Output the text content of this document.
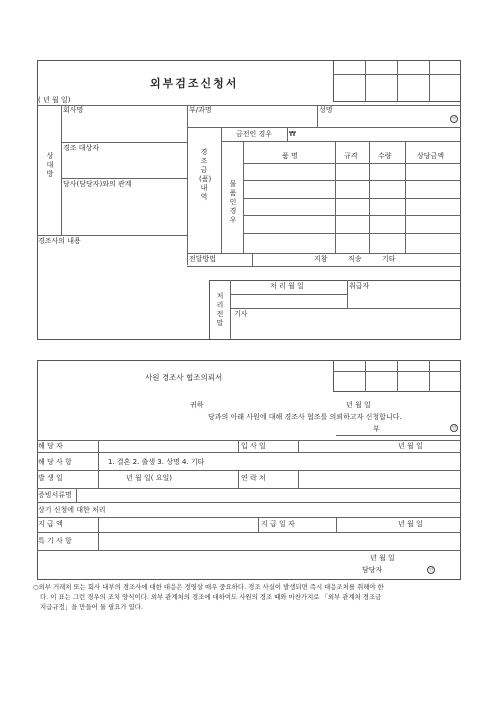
외부검조신청서
( 년 월 일)
회사명	부/과명	성명
인
상대방
경조 대상자
당사(담당자)와의 관계
경조사의 내용
경조금(품)내역
금전인 경우 ₩
물품인경우
품 명	규격	수량	상당금액
전달방법	지참	직송	기타
처리전말
처 리 월 일	취급자
기사
사원 경조사 협조의뢰서
귀하	년 월 일
당과의 아래 사원에 대해 경조사 협조를 의뢰하고자 신청합니다.
부	인
해 당 자	입 사 일	년 월 일
해 당 사 항	1. 결혼 2. 출생 3. 상명 4. 기타
발 생 일	년 월 일( 요일)	연 락 처
증빙서류명
상기 신청에 대한 처리
지 급 액	지 급 일 자	년 월 일
특 기 사 항
년 월 일
담당자	인
○외부 거래처 또는 회사 내부의 경조사에 대한 대응은 경영상 매우 중요하다. 경조 사실이 발생되면 즉시 대응조처를 취해야 한
다. 이 표는 그런 경우의 조치 양식이다. 외부 관계처의 경조에 대하여도 사원의 경조 때와 마찬가지로 「외부 관계처 경조금
지급규정」을 만들어 둘 필요가 있다.
